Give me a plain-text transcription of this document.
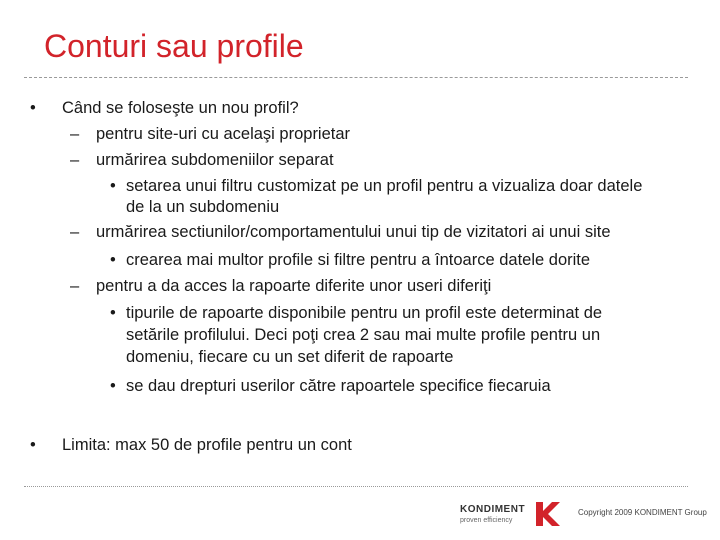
Conturi sau profile
• Când se foloseşte un nou profil?
– pentru site-uri cu acelaşi proprietar
– urmărirea subdomeniilor separat
• setarea unui filtru customizat pe un profil pentru a vizualiza doar datele
de la un subdomeniu
– urmărirea sectiunilor/comportamentului unui tip de vizitatori ai unui site
• crearea mai multor profile si filtre pentru a întoarce datele dorite
– pentru a da acces la rapoarte diferite unor useri diferiţi
• tipurile de rapoarte disponibile pentru un profil este determinat de
setările profilului. Deci poţi crea 2 sau mai multe profile pentru un
domeniu, fiecare cu un set diferit de rapoarte
• se dau drepturi userilor către rapoartele specifice fiecaruia
• Limita: max 50 de profile pentru un cont
KONDIMENT
proven efficiency
Copyright 2009 KONDIMENT Group
